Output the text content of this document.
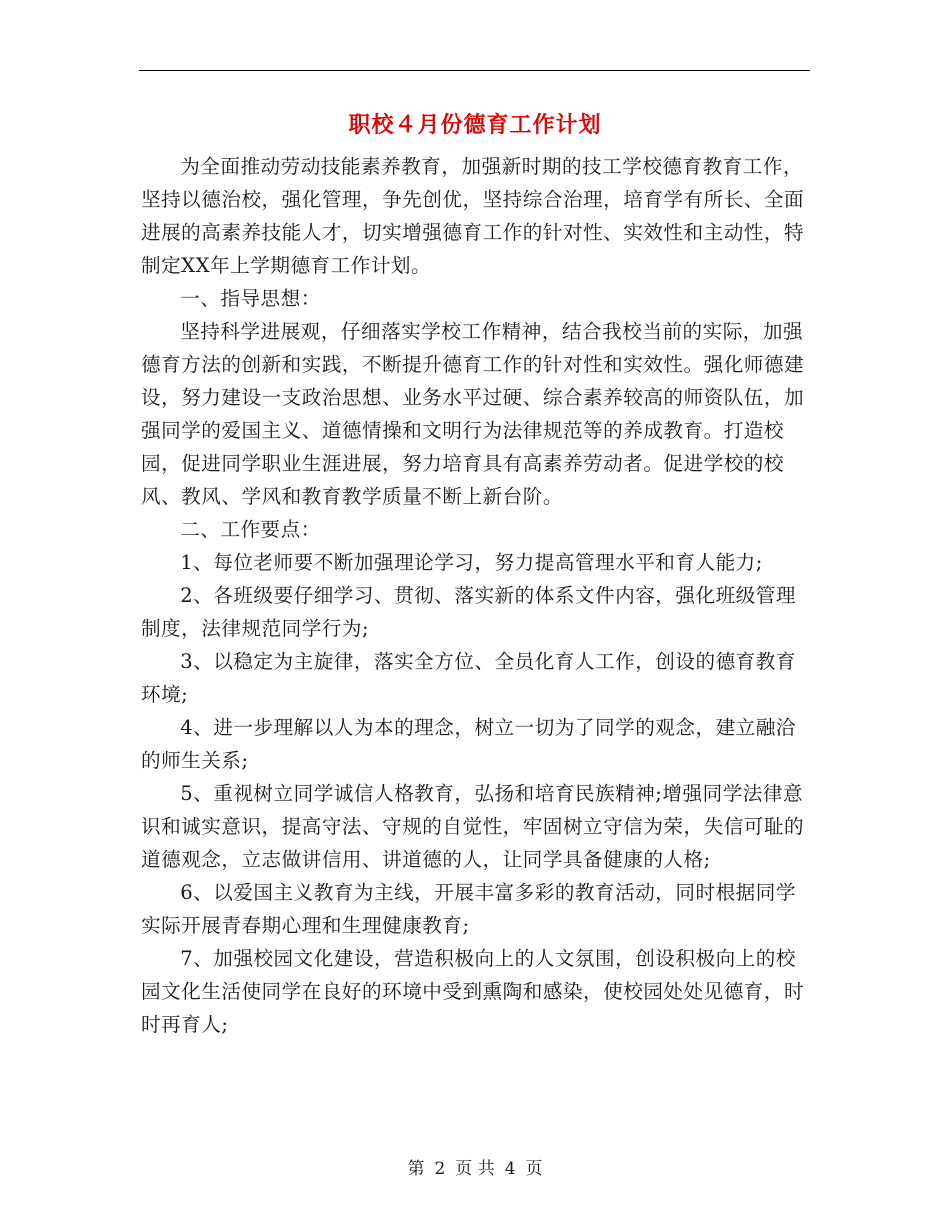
职校４月份德育工作计划

为全面推动劳动技能素养教育，加强新时期的技工学校德育教育工作，坚持以德治校，强化管理，争先创优，坚持综合治理，培育学有所长、全面进展的高素养技能人才，切实增强德育工作的针对性、实效性和主动性，特制定XX年上学期德育工作计划。

一、指导思想：

坚持科学进展观，仔细落实学校工作精神，结合我校当前的实际，加强德育方法的创新和实践，不断提升德育工作的针对性和实效性。强化师德建设，努力建设一支政治思想、业务水平过硬、综合素养较高的师资队伍，加强同学的爱国主义、道德情操和文明行为法律规范等的养成教育。打造校园，促进同学职业生涯进展，努力培育具有高素养劳动者。促进学校的校风、教风、学风和教育教学质量不断上新台阶。

二、工作要点：

1、每位老师要不断加强理论学习，努力提高管理水平和育人能力;

2、各班级要仔细学习、贯彻、落实新的体系文件内容，强化班级管理制度，法律规范同学行为;

3、以稳定为主旋律，落实全方位、全员化育人工作，创设的德育教育环境;

4、进一步理解以人为本的理念，树立一切为了同学的观念，建立融洽的师生关系;

5、重视树立同学诚信人格教育，弘扬和培育民族精神;增强同学法律意识和诚实意识，提高守法、守规的自觉性，牢固树立守信为荣，失信可耻的道德观念，立志做讲信用、讲道德的人，让同学具备健康的人格;

6、以爱国主义教育为主线，开展丰富多彩的教育活动，同时根据同学实际开展青春期心理和生理健康教育;

7、加强校园文化建设，营造积极向上的人文氛围，创设积极向上的校园文化生活使同学在良好的环境中受到熏陶和感染，使校园处处见德育，时时再育人;

第 2 页 共 4 页
